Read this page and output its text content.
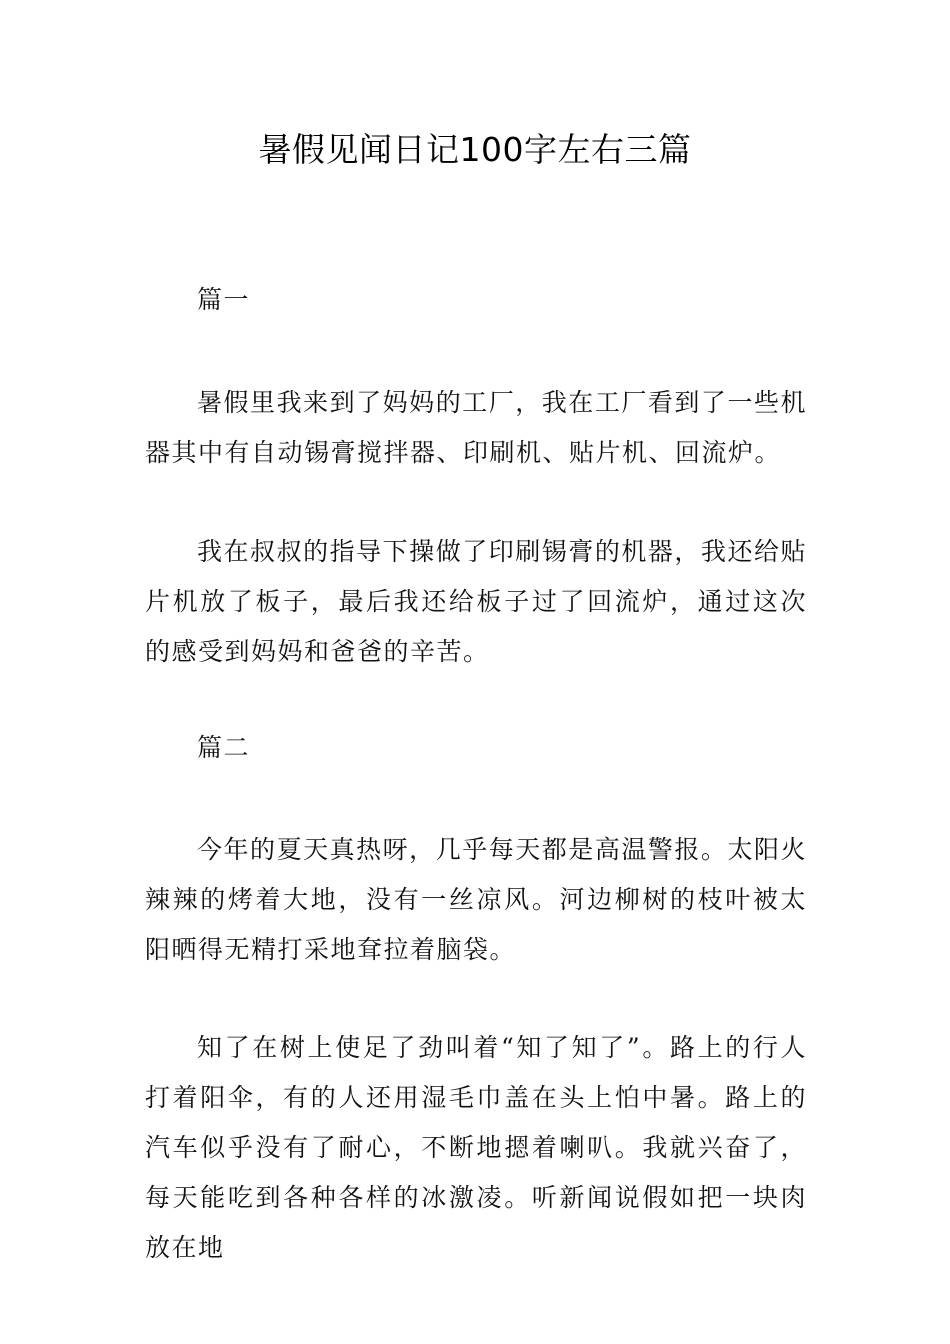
暑假见闻日记100字左右三篇

篇一

暑假里我来到了妈妈的工厂，我在工厂看到了一些机器其中有自动锡膏搅拌器、印刷机、贴片机、回流炉。

我在叔叔的指导下操做了印刷锡膏的机器，我还给贴片机放了板子，最后我还给板子过了回流炉，通过这次的感受到妈妈和爸爸的辛苦。

篇二

今年的夏天真热呀，几乎每天都是高温警报。太阳火辣辣的烤着大地，没有一丝凉风。河边柳树的枝叶被太阳晒得无精打采地耷拉着脑袋。

知了在树上使足了劲叫着“知了知了”。路上的行人打着阳伞，有的人还用湿毛巾盖在头上怕中暑。路上的汽车似乎没有了耐心，不断地摁着喇叭。我就兴奋了，每天能吃到各种各样的冰激凌。听新闻说假如把一块肉放在地
